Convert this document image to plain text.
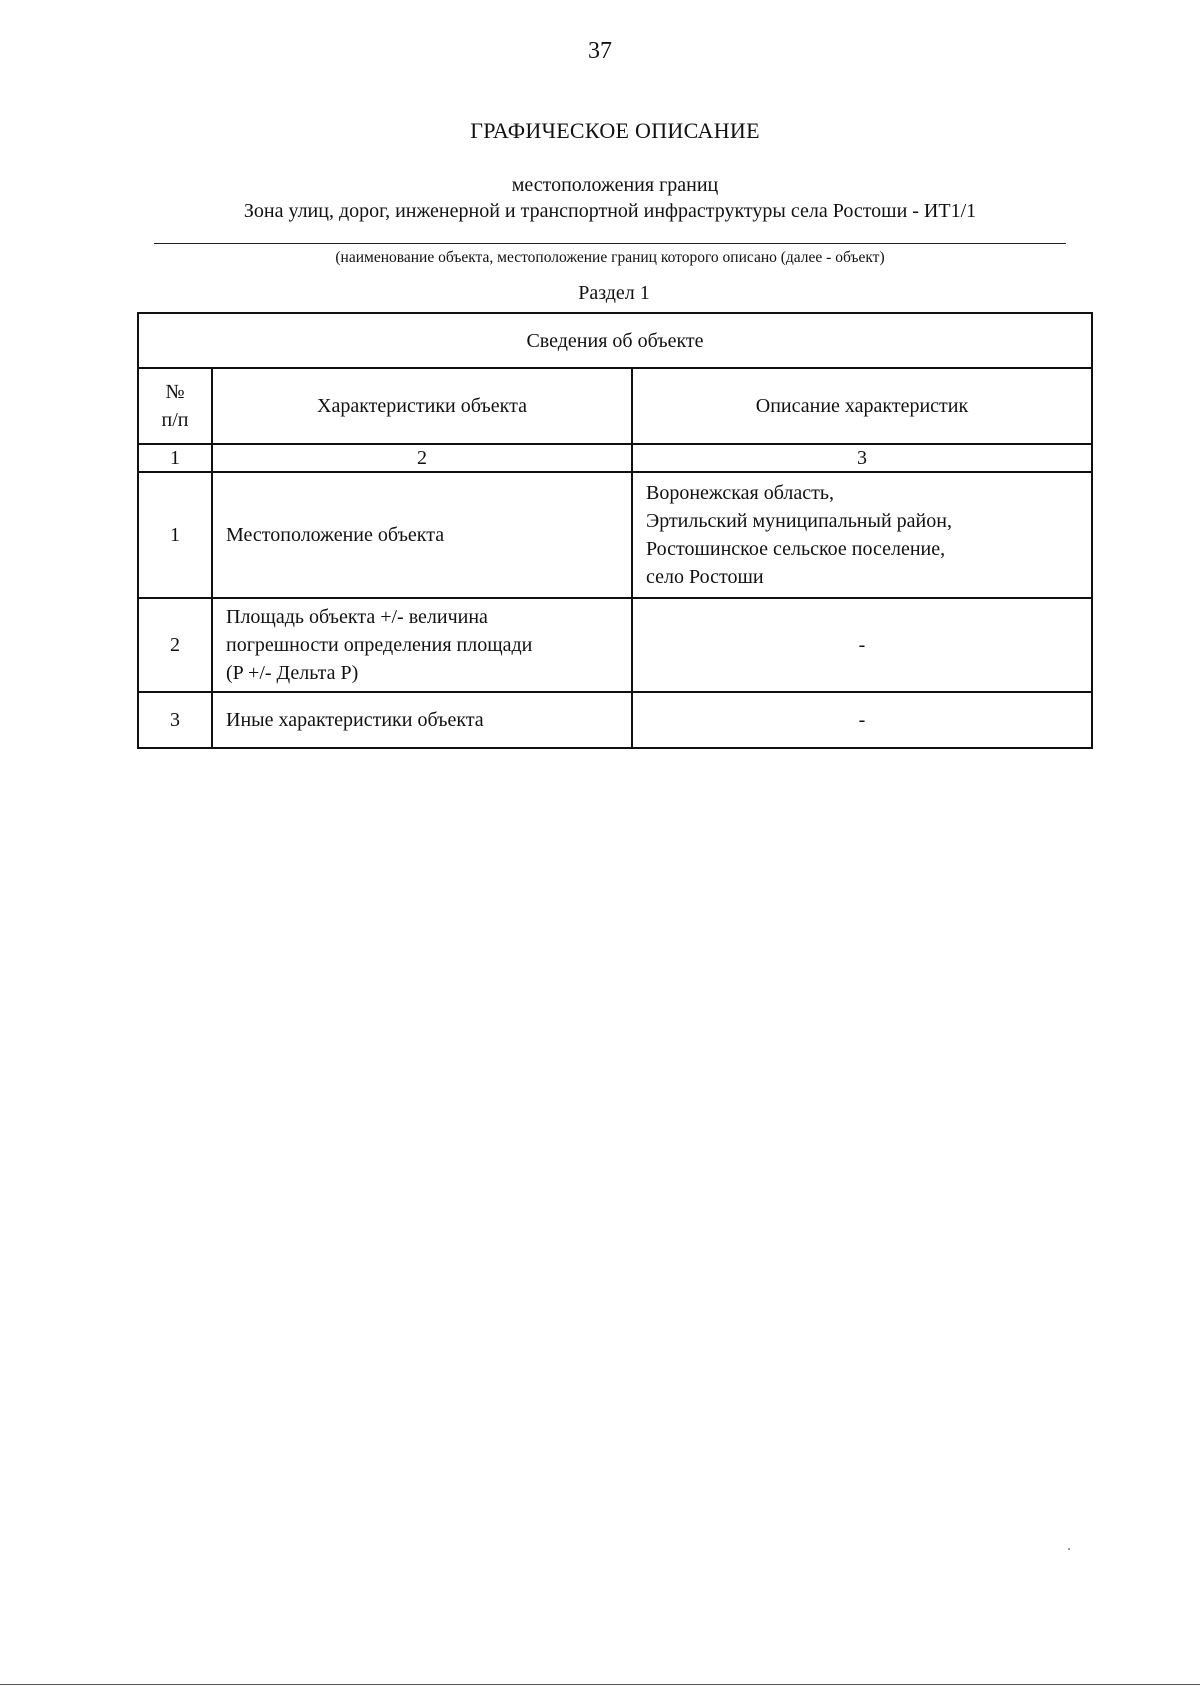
37
ГРАФИЧЕСКОЕ ОПИСАНИЕ
местоположения границ
Зона улиц, дорог, инженерной и транспортной инфраструктуры села Ростоши - ИТ1/1
(наименование объекта, местоположение границ которого описано (далее - объект)
Раздел 1
Сведения об объекте		

№
п/п	Характеристики объекта	Описание характеристик
1	2	3
1	Местоположение объекта	Воронежская область,
Эртильский муниципальный район,
Ростошинское сельское поселение,
село Ростоши

2	Площадь объекта +/- величина
погрешности определения площади
(P +/- Дельта P)	-
3	Иные характеристики объекта	-
